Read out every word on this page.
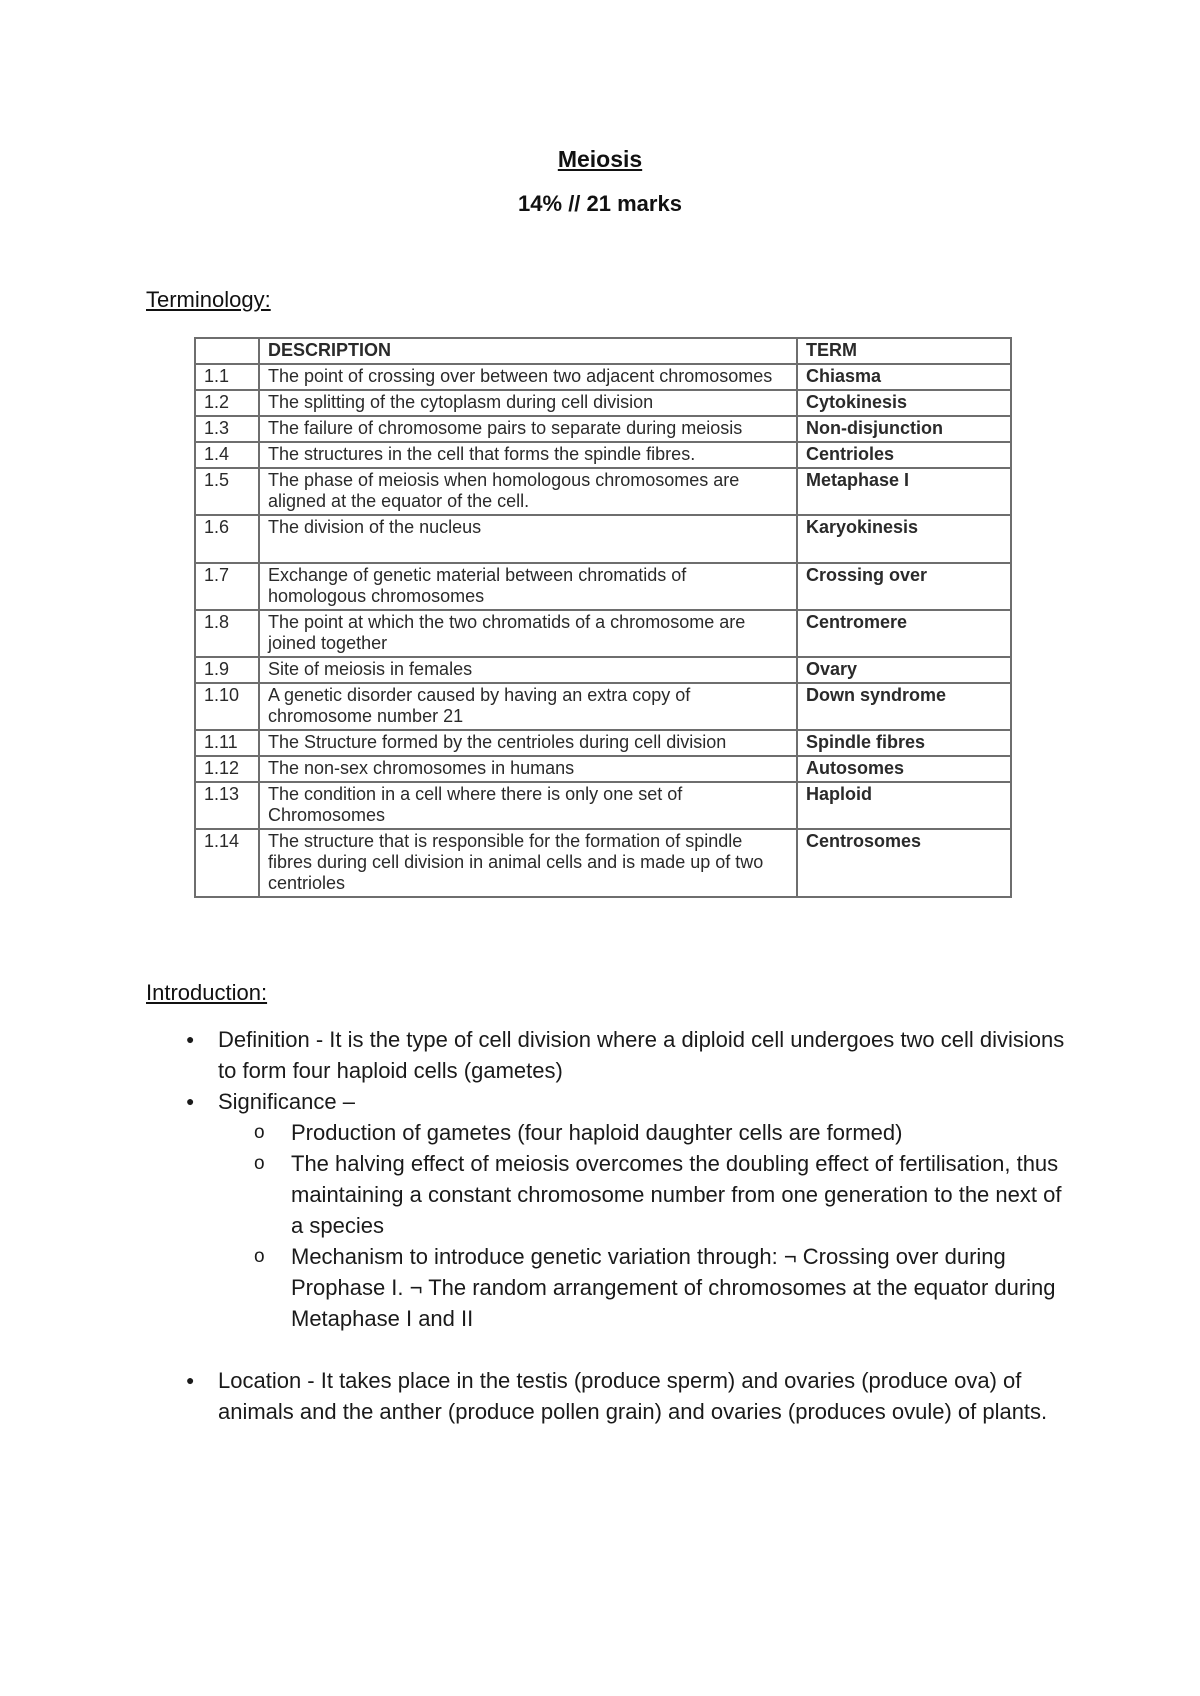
Meiosis
14% // 21 marks
Terminology:
	DESCRIPTION	TERM
1.1	The point of crossing over between two adjacent chromosomes	Chiasma
1.2	The splitting of the cytoplasm during cell division	Cytokinesis
1.3	The failure of chromosome pairs to separate during meiosis	Non-disjunction
1.4	The structures in the cell that forms the spindle fibres.	Centrioles
1.5	The phase of meiosis when homologous chromosomes are aligned at the equator of the cell.	Metaphase I
1.6	The division of the nucleus	Karyokinesis
1.7	Exchange of genetic material between chromatids of homologous chromosomes	Crossing over
1.8	The point at which the two chromatids of a chromosome are joined together	Centromere
1.9	Site of meiosis in females	Ovary
1.10	A genetic disorder caused by having an extra copy of chromosome number 21	Down syndrome
1.11	The Structure formed by the centrioles during cell division	Spindle fibres
1.12	The non-sex chromosomes in humans	Autosomes
1.13	The condition in a cell where there is only one set of Chromosomes	Haploid
1.14	The structure that is responsible for the formation of spindle fibres during cell division in animal cells and is made up of two centrioles	Centrosomes
Introduction:
● Definition - It is the type of cell division where a diploid cell undergoes two cell divisions to form four haploid cells (gametes)
● Significance –
o Production of gametes (four haploid daughter cells are formed)
o The halving effect of meiosis overcomes the doubling effect of fertilisation, thus maintaining a constant chromosome number from one generation to the next of a species
o Mechanism to introduce genetic variation through: ¬ Crossing over during Prophase I. ¬ The random arrangement of chromosomes at the equator during Metaphase I and II
● Location - It takes place in the testis (produce sperm) and ovaries (produce ova) of animals and the anther (produce pollen grain) and ovaries (produces ovule) of plants.
